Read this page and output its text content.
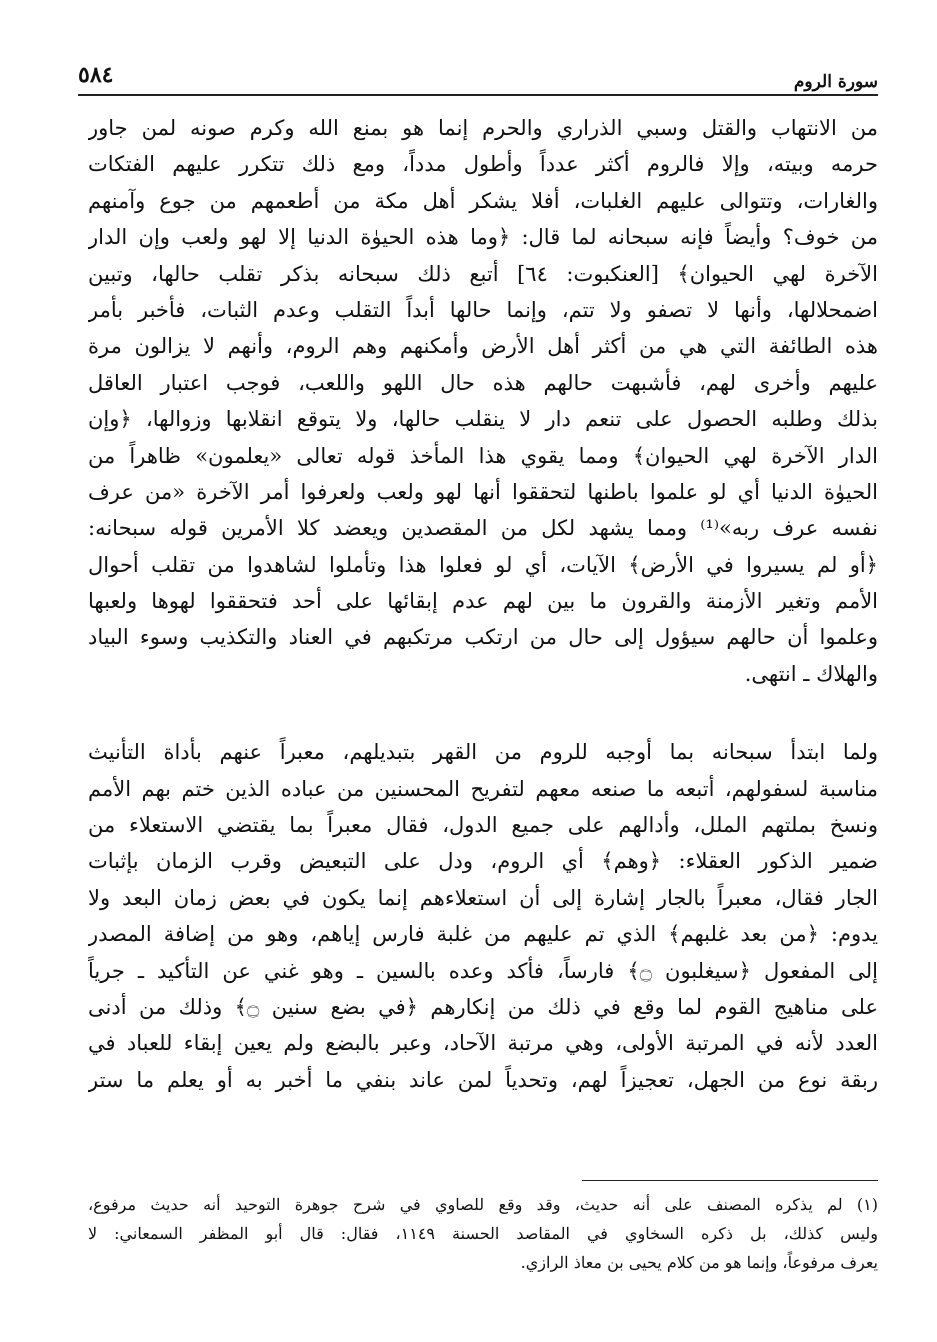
سورة الروم
٥٨٤
من الانتهاب والقتل وسبي الذراري والحرم إنما هو بمنع الله وكرم صونه لمن جاور
حرمه وبيته، وإلا فالروم أكثر عدداً وأطول مدداً، ومع ذلك تتكرر عليهم الفتكات
والغارات، وتتوالى عليهم الغلبات، أفلا يشكر أهل مكة من أطعمهم من جوع وآمنهم
من خوف؟ وأيضاً فإنه سبحانه لما قال: ﴿وما هذه الحيوٰة الدنيا إلا لهو ولعب وإن الدار
الآخرة لهي الحيوان﴾ [العنكبوت: ٦٤] أتبع ذلك سبحانه بذكر تقلب حالها، وتبين
اضمحلالها، وأنها لا تصفو ولا تتم، وإنما حالها أبداً التقلب وعدم الثبات، فأخبر بأمر
هذه الطائفة التي هي من أكثر أهل الأرض وأمكنهم وهم الروم، وأنهم لا يزالون مرة
عليهم وأخرى لهم، فأشبهت حالهم هذه حال اللهو واللعب، فوجب اعتبار العاقل
بذلك وطلبه الحصول على تنعم دار لا ينقلب حالها، ولا يتوقع انقلابها وزوالها، ﴿وإن
الدار الآخرة لهي الحيوان﴾ ومما يقوي هذا المأخذ قوله تعالى «يعلمون» ظاهراً من
الحيوٰة الدنيا أي لو علموا باطنها لتحققوا أنها لهو ولعب ولعرفوا أمر الآخرة «من عرف
نفسه عرف ربه»⁽¹⁾ ومما يشهد لكل من المقصدين ويعضد كلا الأمرين قوله سبحانه:
﴿أو لم يسيروا في الأرض﴾ الآيات، أي لو فعلوا هذا وتأملوا لشاهدوا من تقلب أحوال
الأمم وتغير الأزمنة والقرون ما بين لهم عدم إبقائها على أحد فتحققوا لهوها ولعبها
وعلموا أن حالهم سيؤول إلى حال من ارتكب مرتكبهم في العناد والتكذيب وسوء البياد
والهلاك ـ انتهى.
ولما ابتدأ سبحانه بما أوجبه للروم من القهر بتبديلهم، معبراً عنهم بأداة التأنيث
مناسبة لسفولهم، أتبعه ما صنعه معهم لتفريح المحسنين من عباده الذين ختم بهم الأمم
ونسخ بملتهم الملل، وأدالهم على جميع الدول، فقال معبراً بما يقتضي الاستعلاء من
ضمير الذكور العقلاء: ﴿وهم﴾ أي الروم، ودل على التبعيض وقرب الزمان بإثبات
الجار فقال، معبراً بالجار إشارة إلى أن استعلاءهم إنما يكون في بعض زمان البعد ولا
يدوم: ﴿من بعد غلبهم﴾ الذي تم عليهم من غلبة فارس إياهم، وهو من إضافة المصدر
إلى المفعول ﴿سيغلبون ۝﴾ فارساً، فأكد وعده بالسين ـ وهو غني عن التأكيد ـ جرياً
على مناهيج القوم لما وقع في ذلك من إنكارهم ﴿في بضع سنين ۝﴾ وذلك من أدنى
العدد لأنه في المرتبة الأولى، وهي مرتبة الآحاد، وعبر بالبضع ولم يعين إبقاء للعباد في
ربقة نوع من الجهل، تعجيزاً لهم، وتحدياً لمن عاند بنفي ما أخبر به أو يعلم ما ستر
(١) لم يذكره المصنف على أنه حديث، وقد وقع للصاوي في شرح جوهرة التوحيد أنه حديث مرفوع،
وليس كذلك، بل ذكره السخاوي في المقاصد الحسنة ١١٤٩، فقال: قال أبو المظفر السمعاني: لا
يعرف مرفوعاً، وإنما هو من كلام يحيى بن معاذ الرازي.
